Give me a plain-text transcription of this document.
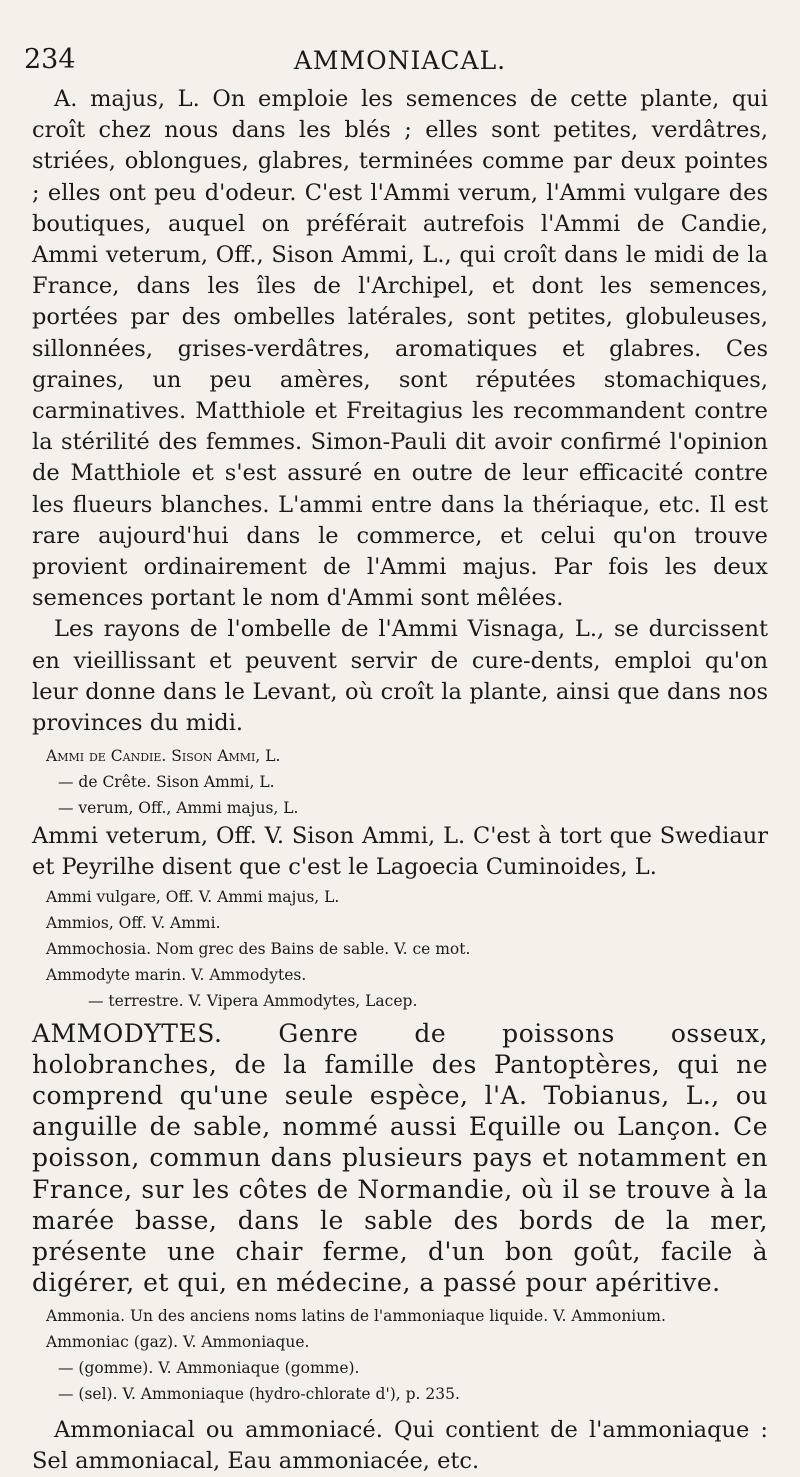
234	AMMONIACAL.

A. majus, L. On emploie les semences de cette plante, qui croît chez nous dans les blés ; elles sont petites, verdâtres, striées, oblongues, glabres, terminées comme par deux pointes ; elles ont peu d'odeur. C'est l'Ammi verum, l'Ammi vulgare des boutiques, auquel on préférait autrefois l'Ammi de Candie, Ammi veterum, Off., Sison Ammi, L., qui croît dans le midi de la France, dans les îles de l'Archipel, et dont les semences, portées par des ombelles latérales, sont petites, globuleuses, sillonnées, grises-verdâtres, aromatiques et glabres. Ces graines, un peu amères, sont réputées stomachiques, carminatives. Matthiole et Freitagius les recommandent contre la stérilité des femmes. Simon-Pauli dit avoir confirmé l'opinion de Matthiole et s'est assuré en outre de leur efficacité contre les flueurs blanches. L'ammi entre dans la thériaque, etc. Il est rare aujourd'hui dans le commerce, et celui qu'on trouve provient ordinairement de l'Ammi majus. Par fois les deux semences portant le nom d'Ammi sont mêlées.

Les rayons de l'ombelle de l'Ammi Visnaga, L., se durcissent en vieillissant et peuvent servir de cure-dents, emploi qu'on leur donne dans le Levant, où croît la plante, ainsi que dans nos provinces du midi.

Ammi de Candie. Sison Ammi, L.

— de Crête. Sison Ammi, L.

— verum, Off., Ammi majus, L.

Ammi veterum, Off. V. Sison Ammi, L. C'est à tort que Swediaur et Peyrilhe disent que c'est le Lagoecia Cuminoides, L.

Ammi vulgare, Off. V. Ammi majus, L.

Ammios, Off. V. Ammi.

Ammochosia. Nom grec des Bains de sable. V. ce mot.

Ammodyte marin. V. Ammodytes.

— terrestre. V. Vipera Ammodytes, Lacep.

AMMODYTES. Genre de poissons osseux, holobranches, de la famille des Pantoptères, qui ne comprend qu'une seule espèce, l'A. Tobianus, L., ou anguille de sable, nommé aussi Equille ou Lançon. Ce poisson, commun dans plusieurs pays et notamment en France, sur les côtes de Normandie, où il se trouve à la marée basse, dans le sable des bords de la mer, présente une chair ferme, d'un bon goût, facile à digérer, et qui, en médecine, a passé pour apéritive.

Ammonia. Un des anciens noms latins de l'ammoniaque liquide. V. Ammonium.

Ammoniac (gaz). V. Ammoniaque.

— (gomme). V. Ammoniaque (gomme).

— (sel). V. Ammoniaque (hydro-chlorate d'), p. 235.

Ammoniacal ou ammoniacé. Qui contient de l'ammoniaque : Sel ammoniacal, Eau ammoniacée, etc.
